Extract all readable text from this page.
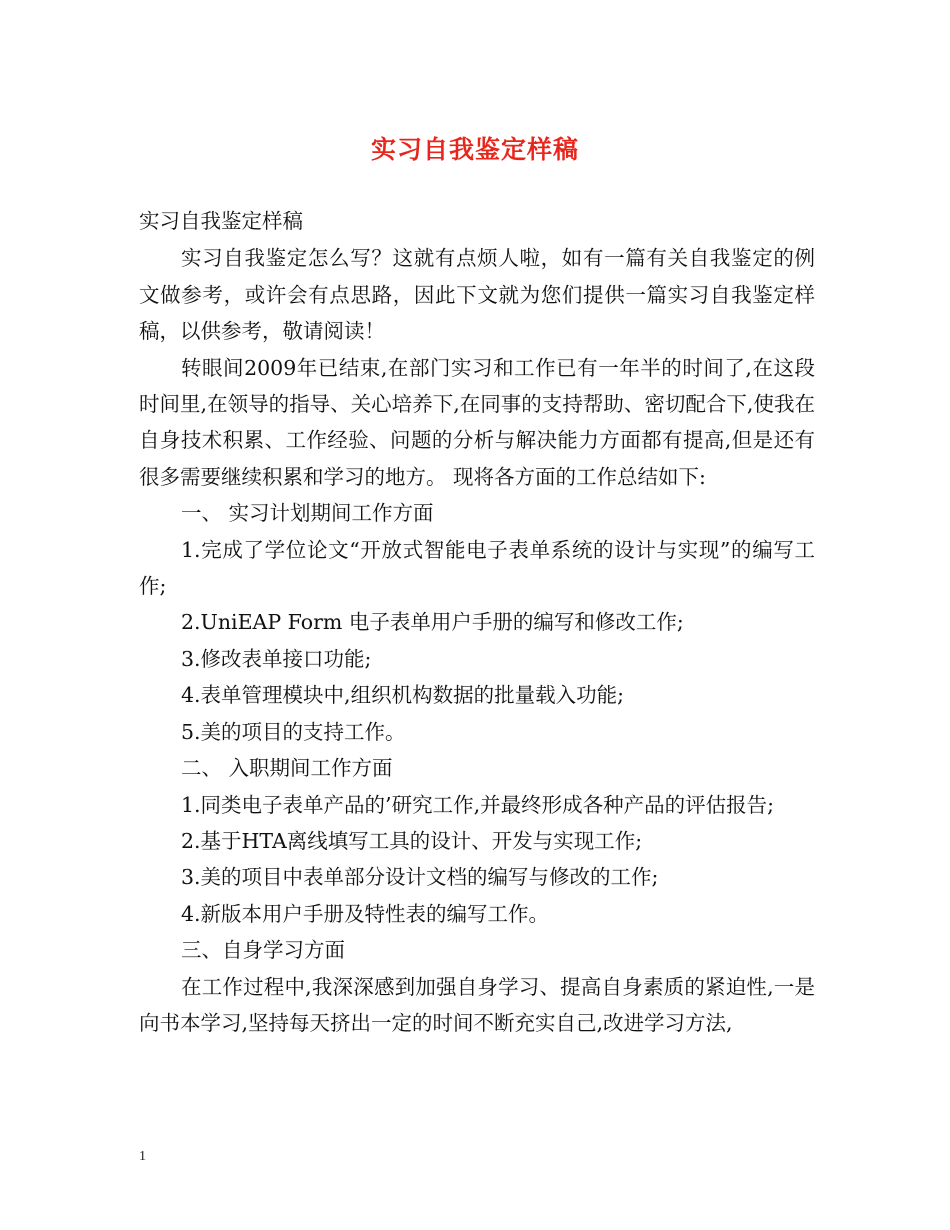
实习自我鉴定样稿

实习自我鉴定样稿

实习自我鉴定怎么写？这就有点烦人啦，如有一篇有关自我鉴定的例文做参考，或许会有点思路，因此下文就为您们提供一篇实习自我鉴定样稿，以供参考，敬请阅读！

转眼间2009年已结束,在部门实习和工作已有一年半的时间了,在这段时间里,在领导的指导、关心培养下,在同事的支持帮助、密切配合下,使我在自身技术积累、工作经验、问题的分析与解决能力方面都有提高,但是还有很多需要继续积累和学习的地方。 现将各方面的工作总结如下:

一、 实习计划期间工作方面

1.完成了学位论文“开放式智能电子表单系统的设计与实现”的编写工作;

2.UniEAP Form 电子表单用户手册的编写和修改工作;

3.修改表单接口功能;

4.表单管理模块中,组织机构数据的批量载入功能;

5.美的项目的支持工作。

二、 入职期间工作方面

1.同类电子表单产品的’研究工作,并最终形成各种产品的评估报告;

2.基于HTA离线填写工具的设计、开发与实现工作;

3.美的项目中表单部分设计文档的编写与修改的工作;

4.新版本用户手册及特性表的编写工作。

三、自身学习方面

在工作过程中,我深深感到加强自身学习、提高自身素质的紧迫性,一是向书本学习,坚持每天挤出一定的时间不断充实自己,改进学习方法,

1
